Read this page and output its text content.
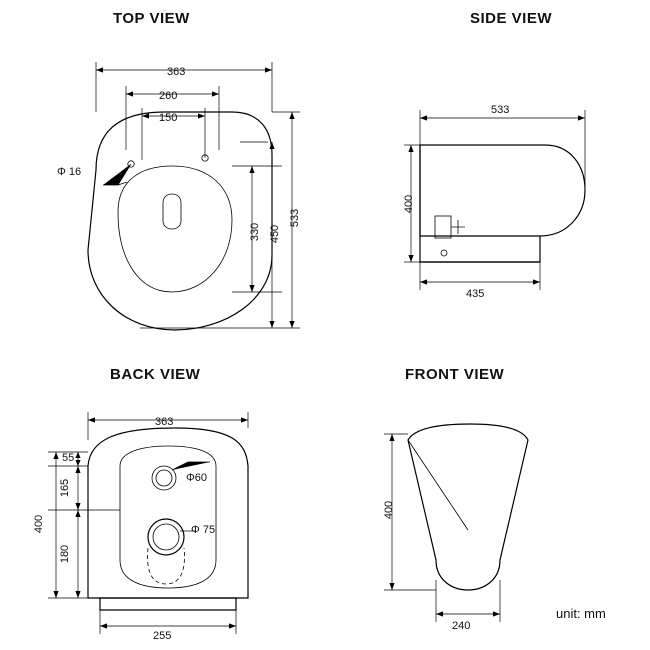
TOP VIEW	SIDE VIEW
BACK VIEW	FRONT VIEW
363
260
150
Φ 16
533
450
330
533
400
435
363
55
165
180
400
Φ60
Φ 75
255
400
240
unit: mm
